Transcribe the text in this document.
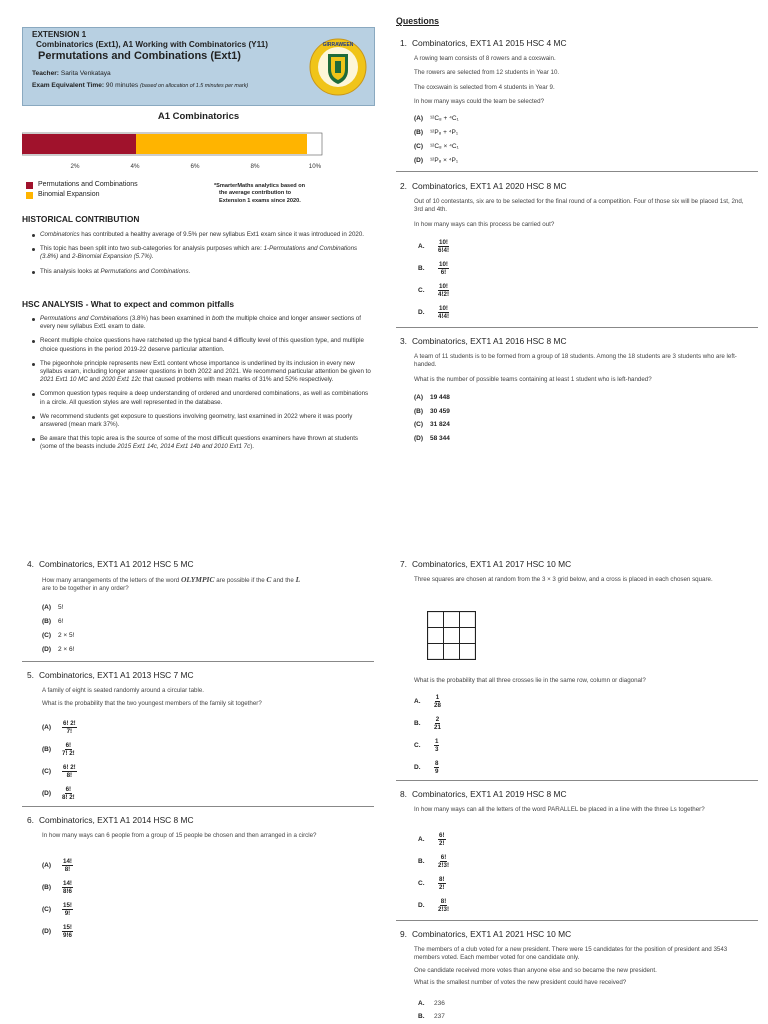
EXTENSION 1
Combinatorics (Ext1), A1 Working with Combinatorics (Y11)
Permutations and Combinations (Ext1)
Teacher: Sarita Venkataya
Exam Equivalent Time: 90 minutes (based on allocation of 1.5 minutes per mark)
GIRRAWEEN
A1 Combinatorics
2%	4%	6%	8%	10%
Permutations and Combinations
Binomial Expansion
*SmarterMaths analytics based on
the average contribution to
Extension 1 exams since 2020.
HISTORICAL CONTRIBUTION
Combinatorics has contributed a healthy average of 9.5% per new syllabus Ext1 exam since it was introduced in 2020.
This topic has been split into two sub-categories for analysis purposes which are: 1-Permutations and Combinations (3.8%) and 2-Binomial Expansion (5.7%).
This analysis looks at Permutations and Combinations.
HSC ANALYSIS - What to expect and common pitfalls
Permutations and Combinations (3.8%) has been examined in both the multiple choice and longer answer sections of every new syllabus Ext1 exam to date.
Recent multiple choice questions have ratcheted up the typical band 4 difficulty level of this question type, and multiple choice questions in the period 2019-22 deserve particular attention.
The pigeonhole principle represents new Ext1 content whose importance is underlined by its inclusion in every new syllabus exam, including longer answer questions in both 2022 and 2021. We recommend particular attention be given to 2021 Ext1 10 MC and 2020 Ext1 12c that caused problems with mean marks of 31% and 52% respectively.
Common question types require a deep understanding of ordered and unordered combinations, as well as combinations in a circle. All question styles are well represented in the database.
We recommend students get exposure to questions involving geometry, last examined in 2022 where it was poorly answered (mean mark 37%).
Be aware that this topic area is the source of some of the most difficult questions examiners have thrown at students (some of the beasts include 2015 Ext1 14c, 2014 Ext1 14b and 2010 Ext1 7c).
Questions
1. Combinatorics, EXT1 A1 2015 HSC 4 MC
A rowing team consists of 8 rowers and a coxswain.
The rowers are selected from 12 students in Year 10.
The coxswain is selected from 4 students in Year 9.
In how many ways could the team be selected?
(A)	¹²C₈ + ⁴C₁
(B)	¹²P₈ + ⁴P₁
(C)	¹²C₈ × ⁴C₁
(D)	¹²P₈ × ⁴P₁
2. Combinatorics, EXT1 A1 2020 HSC 8 MC
Out of 10 contestants, six are to be selected for the final round of a competition. Four of those six will be placed 1st, 2nd, 3rd and 4th.
In how many ways can this process be carried out?
A.	$\frac{10!}{6!4!}$
B.	$\frac{10!}{6!}$
C.	$\frac{10!}{4!2!}$
D.	$\frac{10!}{4!4!}$
3. Combinatorics, EXT1 A1 2016 HSC 8 MC
A team of 11 students is to be formed from a group of 18 students. Among the 18 students are 3 students who are left-handed.
What is the number of possible teams containing at least 1 student who is left-handed?
(A)	19 448
(B)	30 459
(C)	31 824
(D)	58 344
4. Combinatorics, EXT1 A1 2012 HSC 5 MC
How many arrangements of the letters of the word OLYMPIC are possible if the C and the L
are to be together in any order?
(A)	5!
(B)	6!
(C)	2 × 5!
(D)	2 × 6!
5. Combinatorics, EXT1 A1 2013 HSC 7 MC
A family of eight is seated randomly around a circular table.
What is the probability that the two youngest members of the family sit together?
(A)	$\frac{6! 2!}{7!}$
(B)	$\frac{6!}{7! 2!}$
(C)	$\frac{6! 2!}{8!}$
(D)	$\frac{6!}{8! 2!}$
6. Combinatorics, EXT1 A1 2014 HSC 8 MC
In how many ways can 6 people from a group of 15 people be chosen and then arranged in a circle?
(A)	$\frac{14!}{8!}$
(B)	$\frac{14!}{8!6}$
(C)	$\frac{15!}{9!}$
(D)	$\frac{15!}{9!6}$
7. Combinatorics, EXT1 A1 2017 HSC 10 MC
Three squares are chosen at random from the 3 × 3 grid below, and a cross is placed in each chosen square.
What is the probability that all three crosses lie in the same row, column or diagonal?
A.	$\frac{1}{28}$
B.	$\frac{2}{21}$
C.	$\frac{1}{3}$
D.	$\frac{8}{9}$
8. Combinatorics, EXT1 A1 2019 HSC 8 MC
In how many ways can all the letters of the word PARALLEL be placed in a line with the three Ls together?
A.	$\frac{6!}{2!}$
B.	$\frac{6!}{2!3!}$
C.	$\frac{8!}{2!}$
D.	$\frac{8!}{2!3!}$
9. Combinatorics, EXT1 A1 2021 HSC 10 MC
The members of a club voted for a new president. There were 15 candidates for the position of president and 3543 members voted. Each member voted for one candidate only.
One candidate received more votes than anyone else and so became the new president.
What is the smallest number of votes the new president could have received?
A.	236
B.	237
